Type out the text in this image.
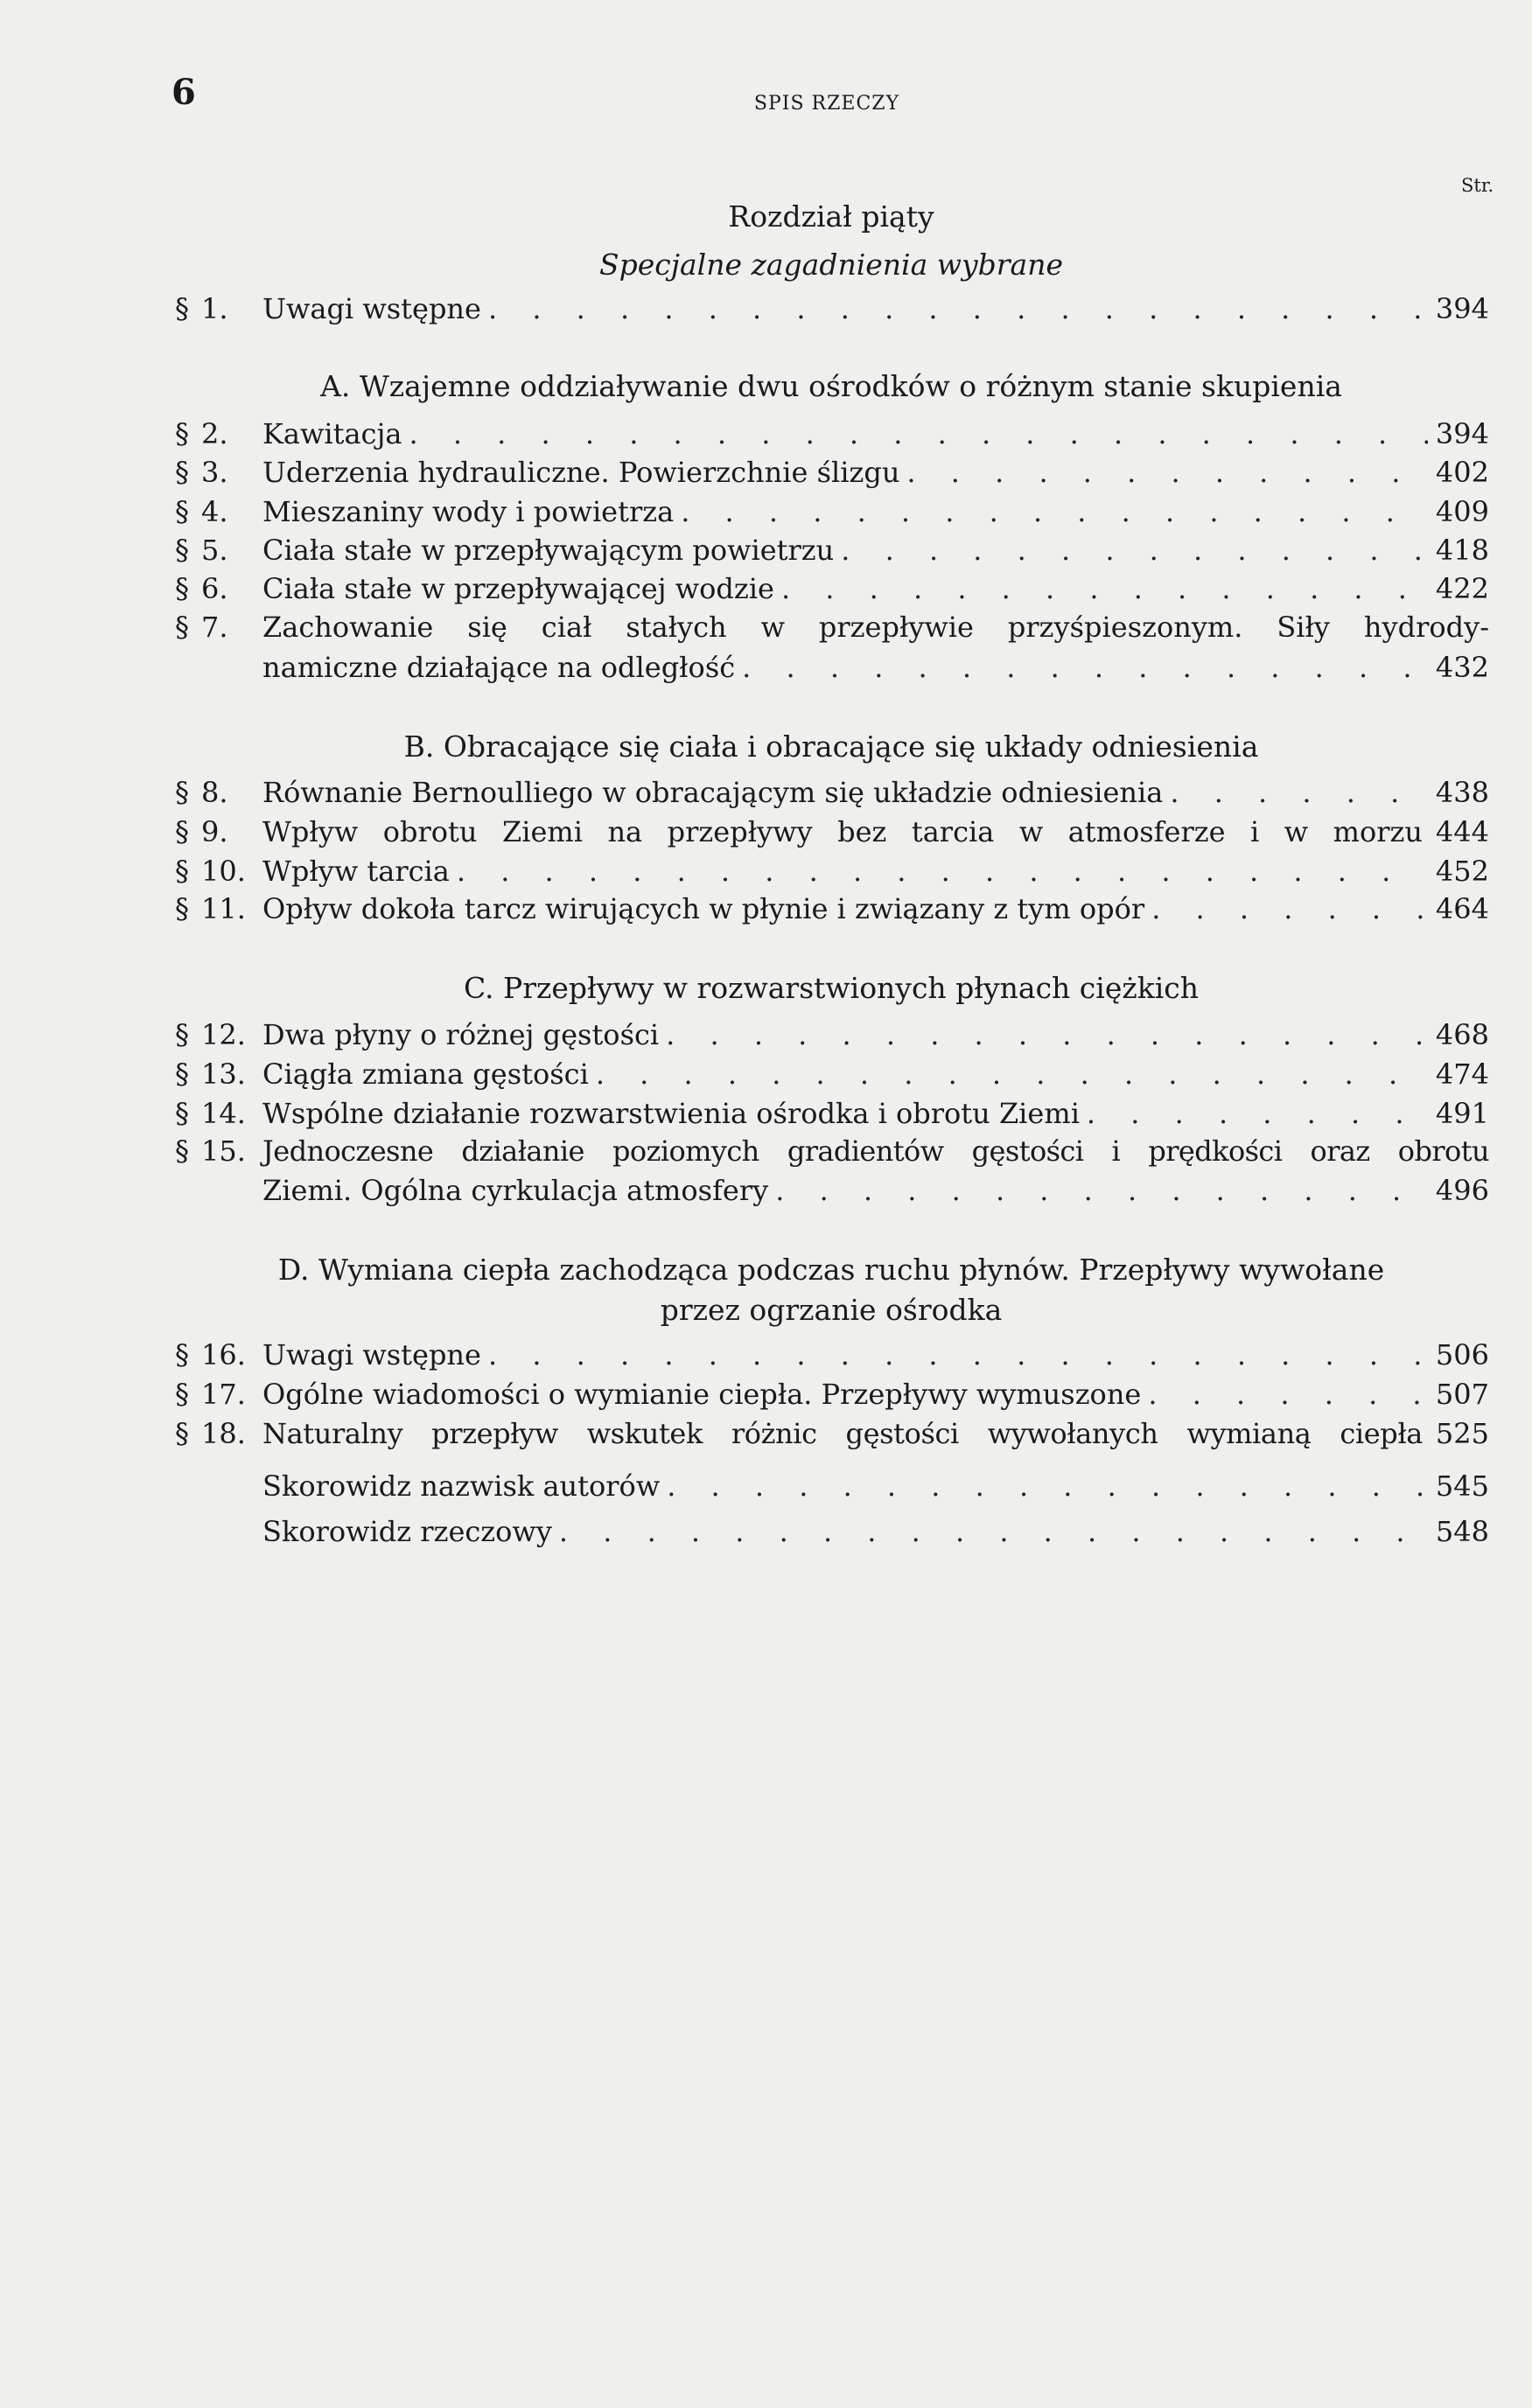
6	SPIS RZECZY
Str.
Rozdział piąty
Specjalne zagadnienia wybrane
§ 1.	Uwagi wstępne . . .	394
A. Wzajemne oddziaływanie dwu ośrodków o różnym stanie skupienia
§ 2.	Kawitacja . . .	394
§ 3.	Uderzenia hydrauliczne. Powierzchnie ślizgu . . .	402
§ 4.	Mieszaniny wody i powietrza . . .	409
§ 5.	Ciała stałe w przepływającym powietrzu . . .	418
§ 6.	Ciała stałe w przepływającej wodzie . . .	422
§ 7.	Zachowanie się ciał stałych w przepływie przyśpieszonym. Siły hydrody-
namiczne działające na odległość . . .	432
B. Obracające się ciała i obracające się układy odniesienia
§ 8.	Równanie Bernoulliego w obracającym się układzie odniesienia . . .	438
§ 9.	Wpływ obrotu Ziemi na przepływy bez tarcia w atmosferze i w morzu 444
§ 10. Wpływ tarcia . . .	452
§ 11. Opływ dokoła tarcz wirujących w płynie i związany z tym opór . . .	464
C. Przepływy w rozwarstwionych płynach ciężkich
§ 12. Dwa płyny o różnej gęstości . . .	468
§ 13. Ciągła zmiana gęstości . . .	474
§ 14. Wspólne działanie rozwarstwienia ośrodka i obrotu Ziemi . . .	491
§ 15. Jednoczesne działanie poziomych gradientów gęstości i prędkości oraz obrotu
Ziemi. Ogólna cyrkulacja atmosfery . . .	496
D. Wymiana ciepła zachodząca podczas ruchu płynów. Przepływy wywołane
przez ogrzanie ośrodka
§ 16. Uwagi wstępne . . .	506
§ 17. Ogólne wiadomości o wymianie ciepła. Przepływy wymuszone . . .	507
§ 18. Naturalny przepływ wskutek różnic gęstości wywołanych wymianą ciepła 525
Skorowidz nazwisk autorów . . .	545
Skorowidz rzeczowy . . .	548
